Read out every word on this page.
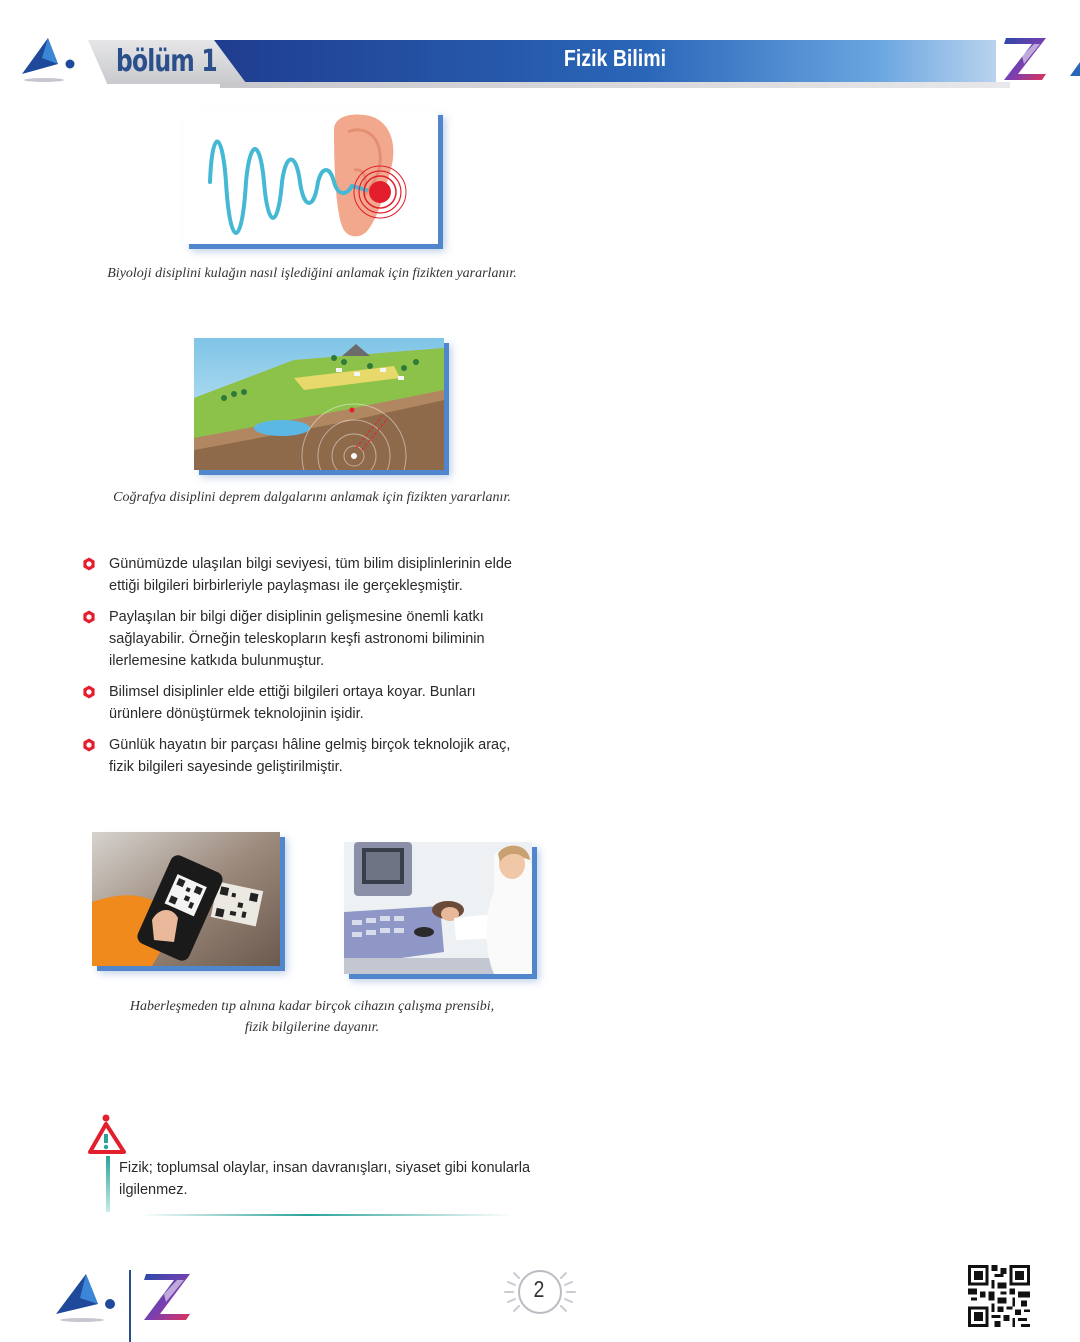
bölüm 1	Fizik Bilimi
Biyoloji disiplini kulağın nasıl işlediğini anlamak için fizikten yararlanır.
Coğrafya disiplini deprem dalgalarını anlamak için fizikten yararlanır.
Günümüzde ulaşılan bilgi seviyesi, tüm bilim disiplinlerinin elde ettiği bilgileri birbirleriyle paylaşması ile gerçekleşmiştir.
Paylaşılan bir bilgi diğer disiplinin gelişmesine önemli katkı sağlayabilir. Örneğin teleskopların keşfi astronomi biliminin ilerlemesine katkıda bulunmuştur.
Bilimsel disiplinler elde ettiği bilgileri ortaya koyar. Bunları ürünlere dönüştürmek teknolojinin işidir.
Günlük hayatın bir parçası hâline gelmiş birçok teknolojik araç, fizik bilgileri sayesinde geliştirilmiştir.
Haberleşmeden tıp alnına kadar birçok cihazın çalışma prensibi,
fizik bilgilerine dayanır.
Fizik; toplumsal olaylar, insan davranışları, siyaset gibi konularla ilgilenmez.
2
